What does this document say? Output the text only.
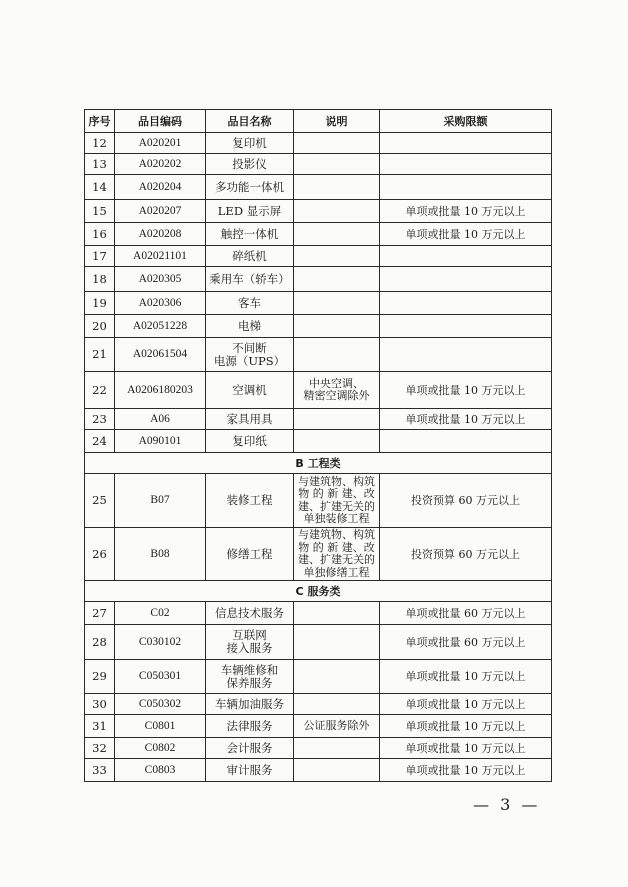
序号	品目编码	品目名称	说明	采购限额
12	A020201	复印机		
13	A020202	投影仪		
14	A020204	多功能一体机		
15	A020207	LED 显示屏		单项或批量 10 万元以上
16	A020208	触控一体机		单项或批量 10 万元以上
17	A02021101	碎纸机		
18	A020305	乘用车（轿车）		
19	A020306	客车		
20	A02051228	电梯		
21	A02061504	不间断
电源（UPS）		
22	A0206180203	空调机	中央空调、
精密空调除外	单项或批量 10 万元以上
23	A06	家具用具		单项或批量 10 万元以上
24	A090101	复印纸		
B 工程类				
25	B07	装修工程	与建筑物、构筑
物 的 新 建、改
建、扩建无关的
单独装修工程	投资预算 60 万元以上
26	B08	修缮工程	与建筑物、构筑
物 的 新 建、改
建、扩建无关的
单独修缮工程	投资预算 60 万元以上
C 服务类				
27	C02	信息技术服务		单项或批量 60 万元以上
28	C030102	互联网
接入服务		单项或批量 60 万元以上
29	C050301	车辆维修和
保养服务		单项或批量 10 万元以上
30	C050302	车辆加油服务		单项或批量 10 万元以上
31	C0801	法律服务	公证服务除外	单项或批量 10 万元以上
32	C0802	会计服务		单项或批量 10 万元以上
33	C0803	审计服务		单项或批量 10 万元以上
— 3 —
